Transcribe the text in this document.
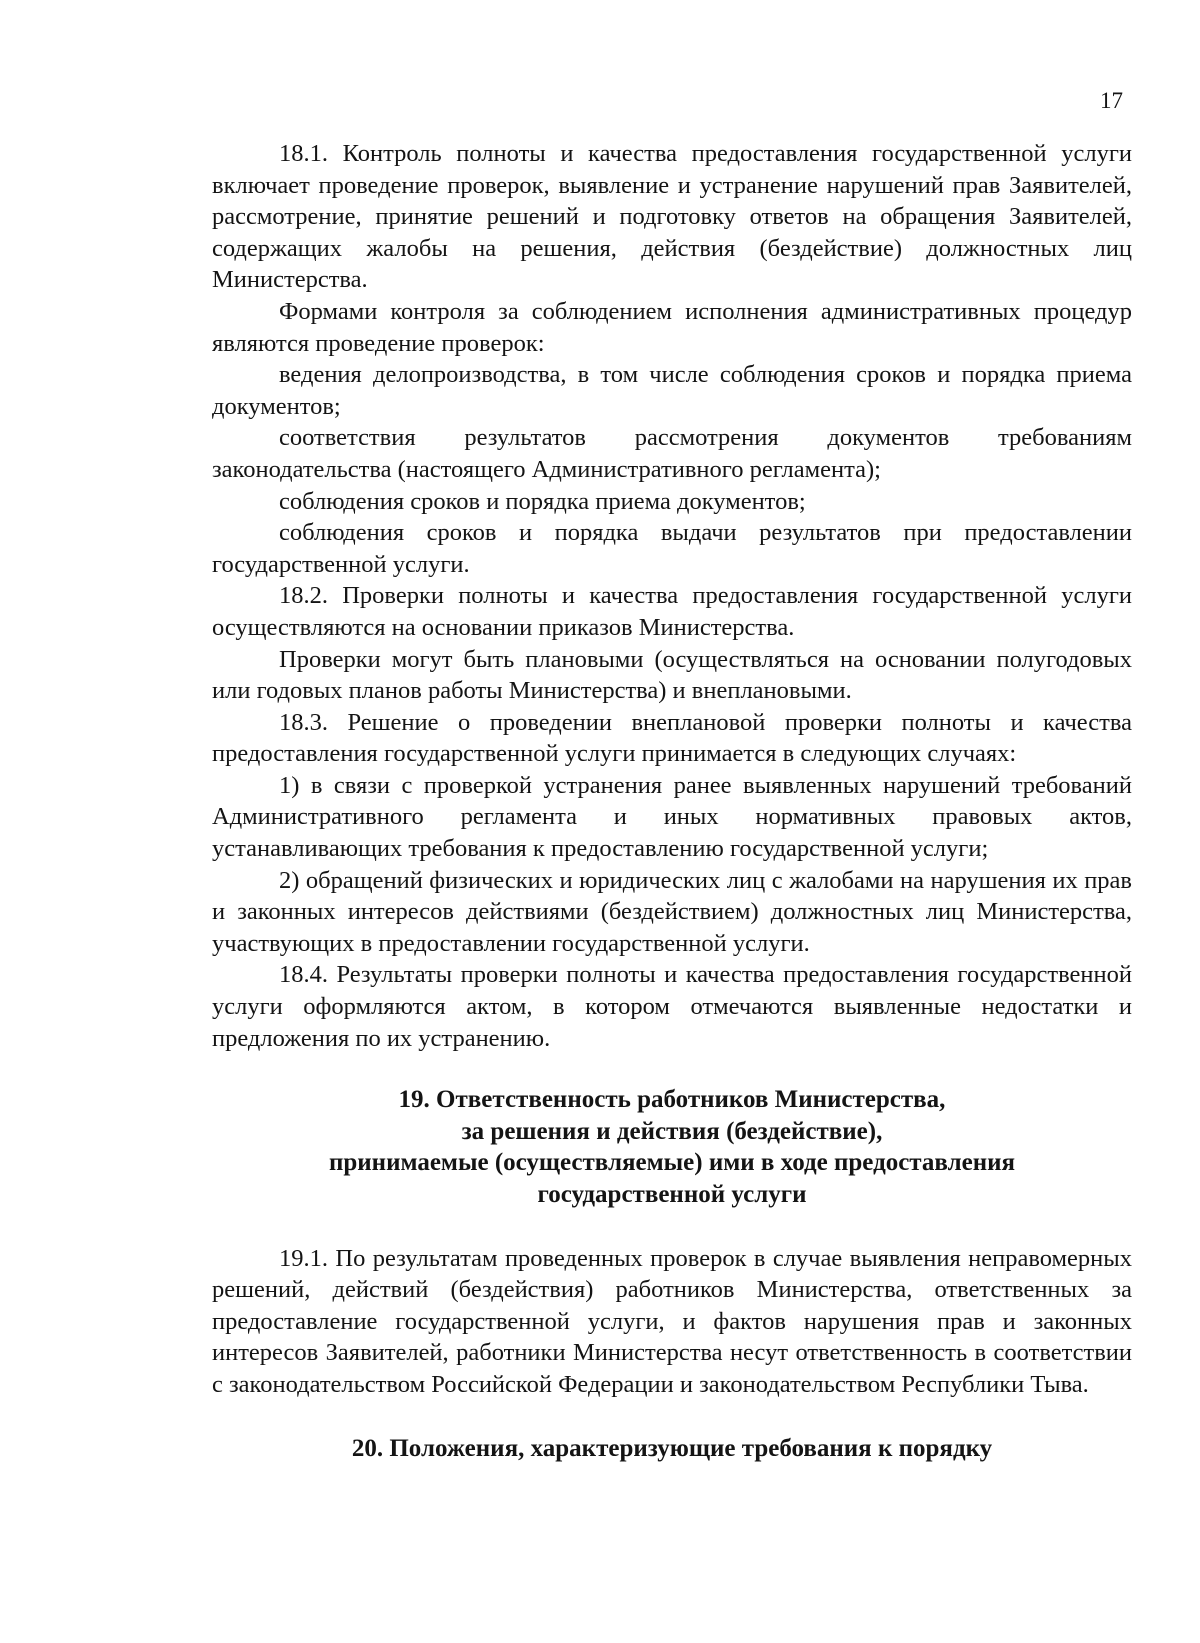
17

18.1. Контроль полноты и качества предоставления государственной услуги включает проведение проверок, выявление и устранение нарушений прав Заявителей, рассмотрение, принятие решений и подготовку ответов на обращения Заявителей, содержащих жалобы на решения, действия (бездействие) должностных лиц Министерства.

Формами контроля за соблюдением исполнения административных процедур являются проведение проверок:

ведения делопроизводства, в том числе соблюдения сроков и порядка приема документов;

соответствия результатов рассмотрения документов требованиям законодательства (настоящего Административного регламента);

соблюдения сроков и порядка приема документов;

соблюдения сроков и порядка выдачи результатов при предоставлении государственной услуги.

18.2. Проверки полноты и качества предоставления государственной услуги осуществляются на основании приказов Министерства.

Проверки могут быть плановыми (осуществляться на основании полугодовых или годовых планов работы Министерства) и внеплановыми.

18.3. Решение о проведении внеплановой проверки полноты и качества предоставления государственной услуги принимается в следующих случаях:

1) в связи с проверкой устранения ранее выявленных нарушений требований Административного регламента и иных нормативных правовых актов, устанавливающих требования к предоставлению государственной услуги;

2) обращений физических и юридических лиц с жалобами на нарушения их прав и законных интересов действиями (бездействием) должностных лиц Министерства, участвующих в предоставлении государственной услуги.

18.4. Результаты проверки полноты и качества предоставления государственной услуги оформляются актом, в котором отмечаются выявленные недостатки и предложения по их устранению.

19. Ответственность работников Министерства,
за решения и действия (бездействие),
принимаемые (осуществляемые) ими в ходе предоставления
государственной услуги

19.1. По результатам проведенных проверок в случае выявления неправомерных решений, действий (бездействия) работников Министерства, ответственных за предоставление государственной услуги, и фактов нарушения прав и законных интересов Заявителей, работники Министерства несут ответственность в соответствии с законодательством Российской Федерации и законодательством Республики Тыва.

20. Положения, характеризующие требования к порядку
